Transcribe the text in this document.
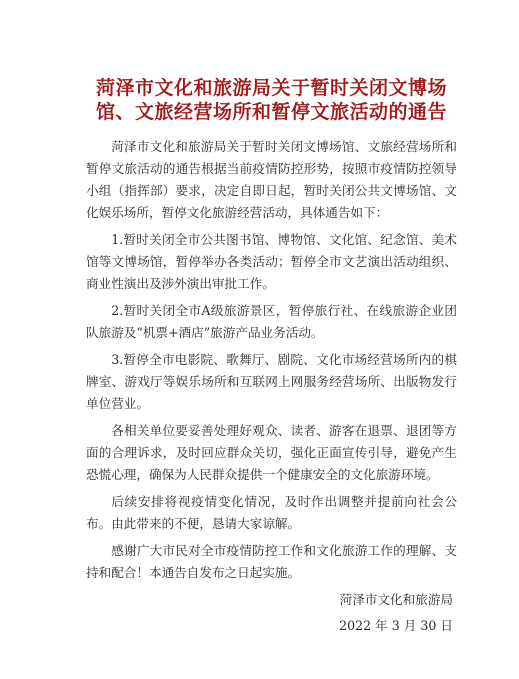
菏泽市文化和旅游局关于暂时关闭文博场
馆、文旅经营场所和暂停文旅活动的通告

菏泽市文化和旅游局关于暂时关闭文博场馆、文旅经营场所和暂停文旅活动的通告根据当前疫情防控形势，按照市疫情防控领导小组（指挥部）要求，决定自即日起，暂时关闭公共文博场馆、文化娱乐场所，暂停文化旅游经营活动，具体通告如下：

1.暂时关闭全市公共图书馆、博物馆、文化馆、纪念馆、美术馆等文博场馆，暂停举办各类活动；暂停全市文艺演出活动组织、商业性演出及涉外演出审批工作。

2.暂时关闭全市A级旅游景区，暂停旅行社、在线旅游企业团队旅游及“机票+酒店”旅游产品业务活动。

3.暂停全市电影院、歌舞厅、剧院、文化市场经营场所内的棋牌室、游戏厅等娱乐场所和互联网上网服务经营场所、出版物发行单位营业。

各相关单位要妥善处理好观众、读者、游客在退票、退团等方面的合理诉求，及时回应群众关切，强化正面宣传引导，避免产生恐慌心理，确保为人民群众提供一个健康安全的文化旅游环境。

后续安排将视疫情变化情况，及时作出调整并提前向社会公布。由此带来的不便，恳请大家谅解。

感谢广大市民对全市疫情防控工作和文化旅游工作的理解、支持和配合！本通告自发布之日起实施。

菏泽市文化和旅游局

2022 年 3 月 30 日
